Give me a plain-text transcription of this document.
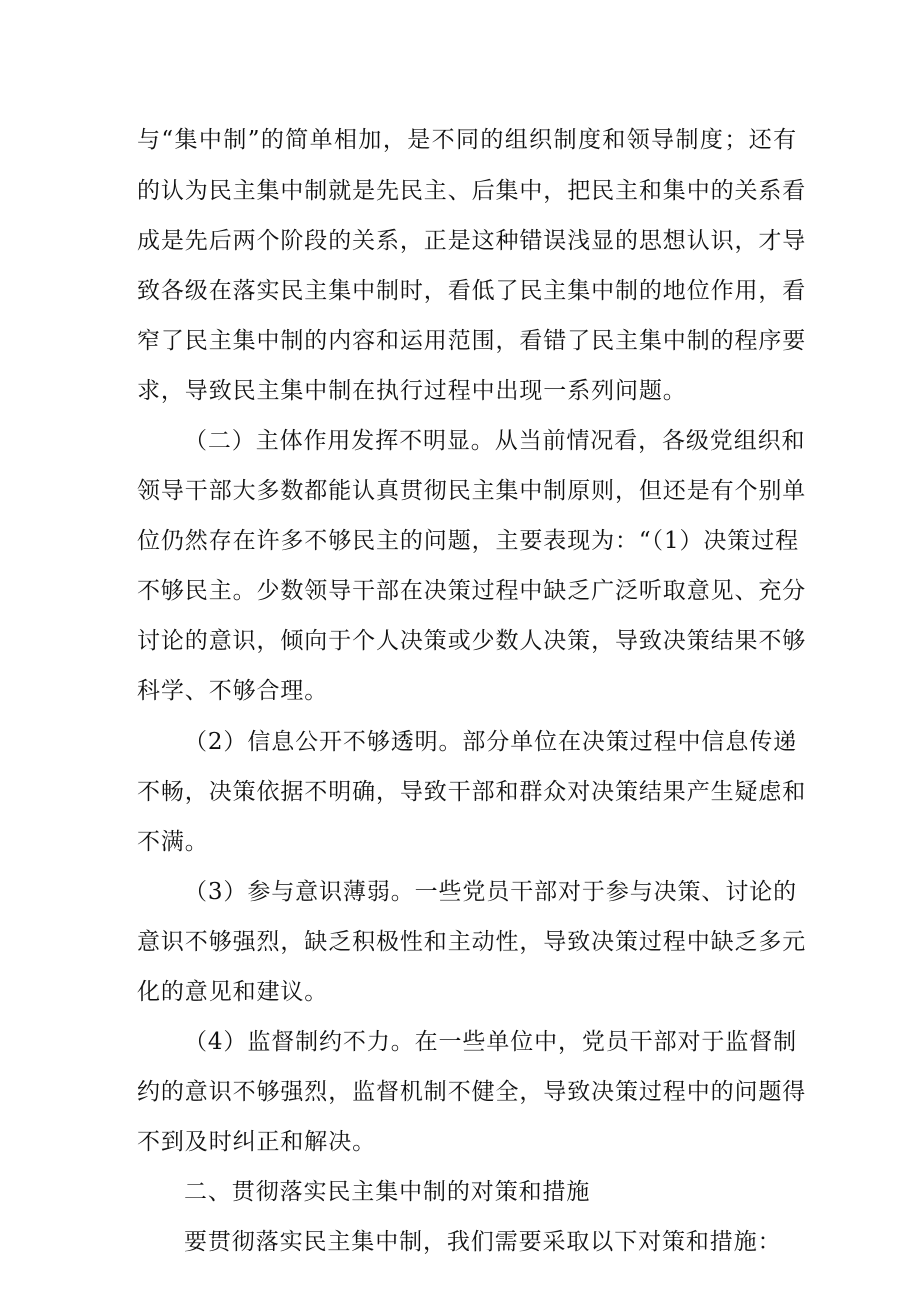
与“集中制”的简单相加，是不同的组织制度和领导制度；还有
的认为民主集中制就是先民主、后集中，把民主和集中的关系看
成是先后两个阶段的关系，正是这种错误浅显的思想认识，才导
致各级在落实民主集中制时，看低了民主集中制的地位作用，看
窄了民主集中制的内容和运用范围，看错了民主集中制的程序要
求，导致民主集中制在执行过程中出现一系列问题。
（二）主体作用发挥不明显。从当前情况看，各级党组织和
领导干部大多数都能认真贯彻民主集中制原则，但还是有个别单
位仍然存在许多不够民主的问题，主要表现为：“（1）决策过程
不够民主。少数领导干部在决策过程中缺乏广泛听取意见、充分
讨论的意识，倾向于个人决策或少数人决策，导致决策结果不够
科学、不够合理。
（2）信息公开不够透明。部分单位在决策过程中信息传递
不畅，决策依据不明确，导致干部和群众对决策结果产生疑虑和
不满。
（3）参与意识薄弱。一些党员干部对于参与决策、讨论的
意识不够强烈，缺乏积极性和主动性，导致决策过程中缺乏多元
化的意见和建议。
（4）监督制约不力。在一些单位中，党员干部对于监督制
约的意识不够强烈，监督机制不健全，导致决策过程中的问题得
不到及时纠正和解决。
二、贯彻落实民主集中制的对策和措施
要贯彻落实民主集中制，我们需要采取以下对策和措施：
